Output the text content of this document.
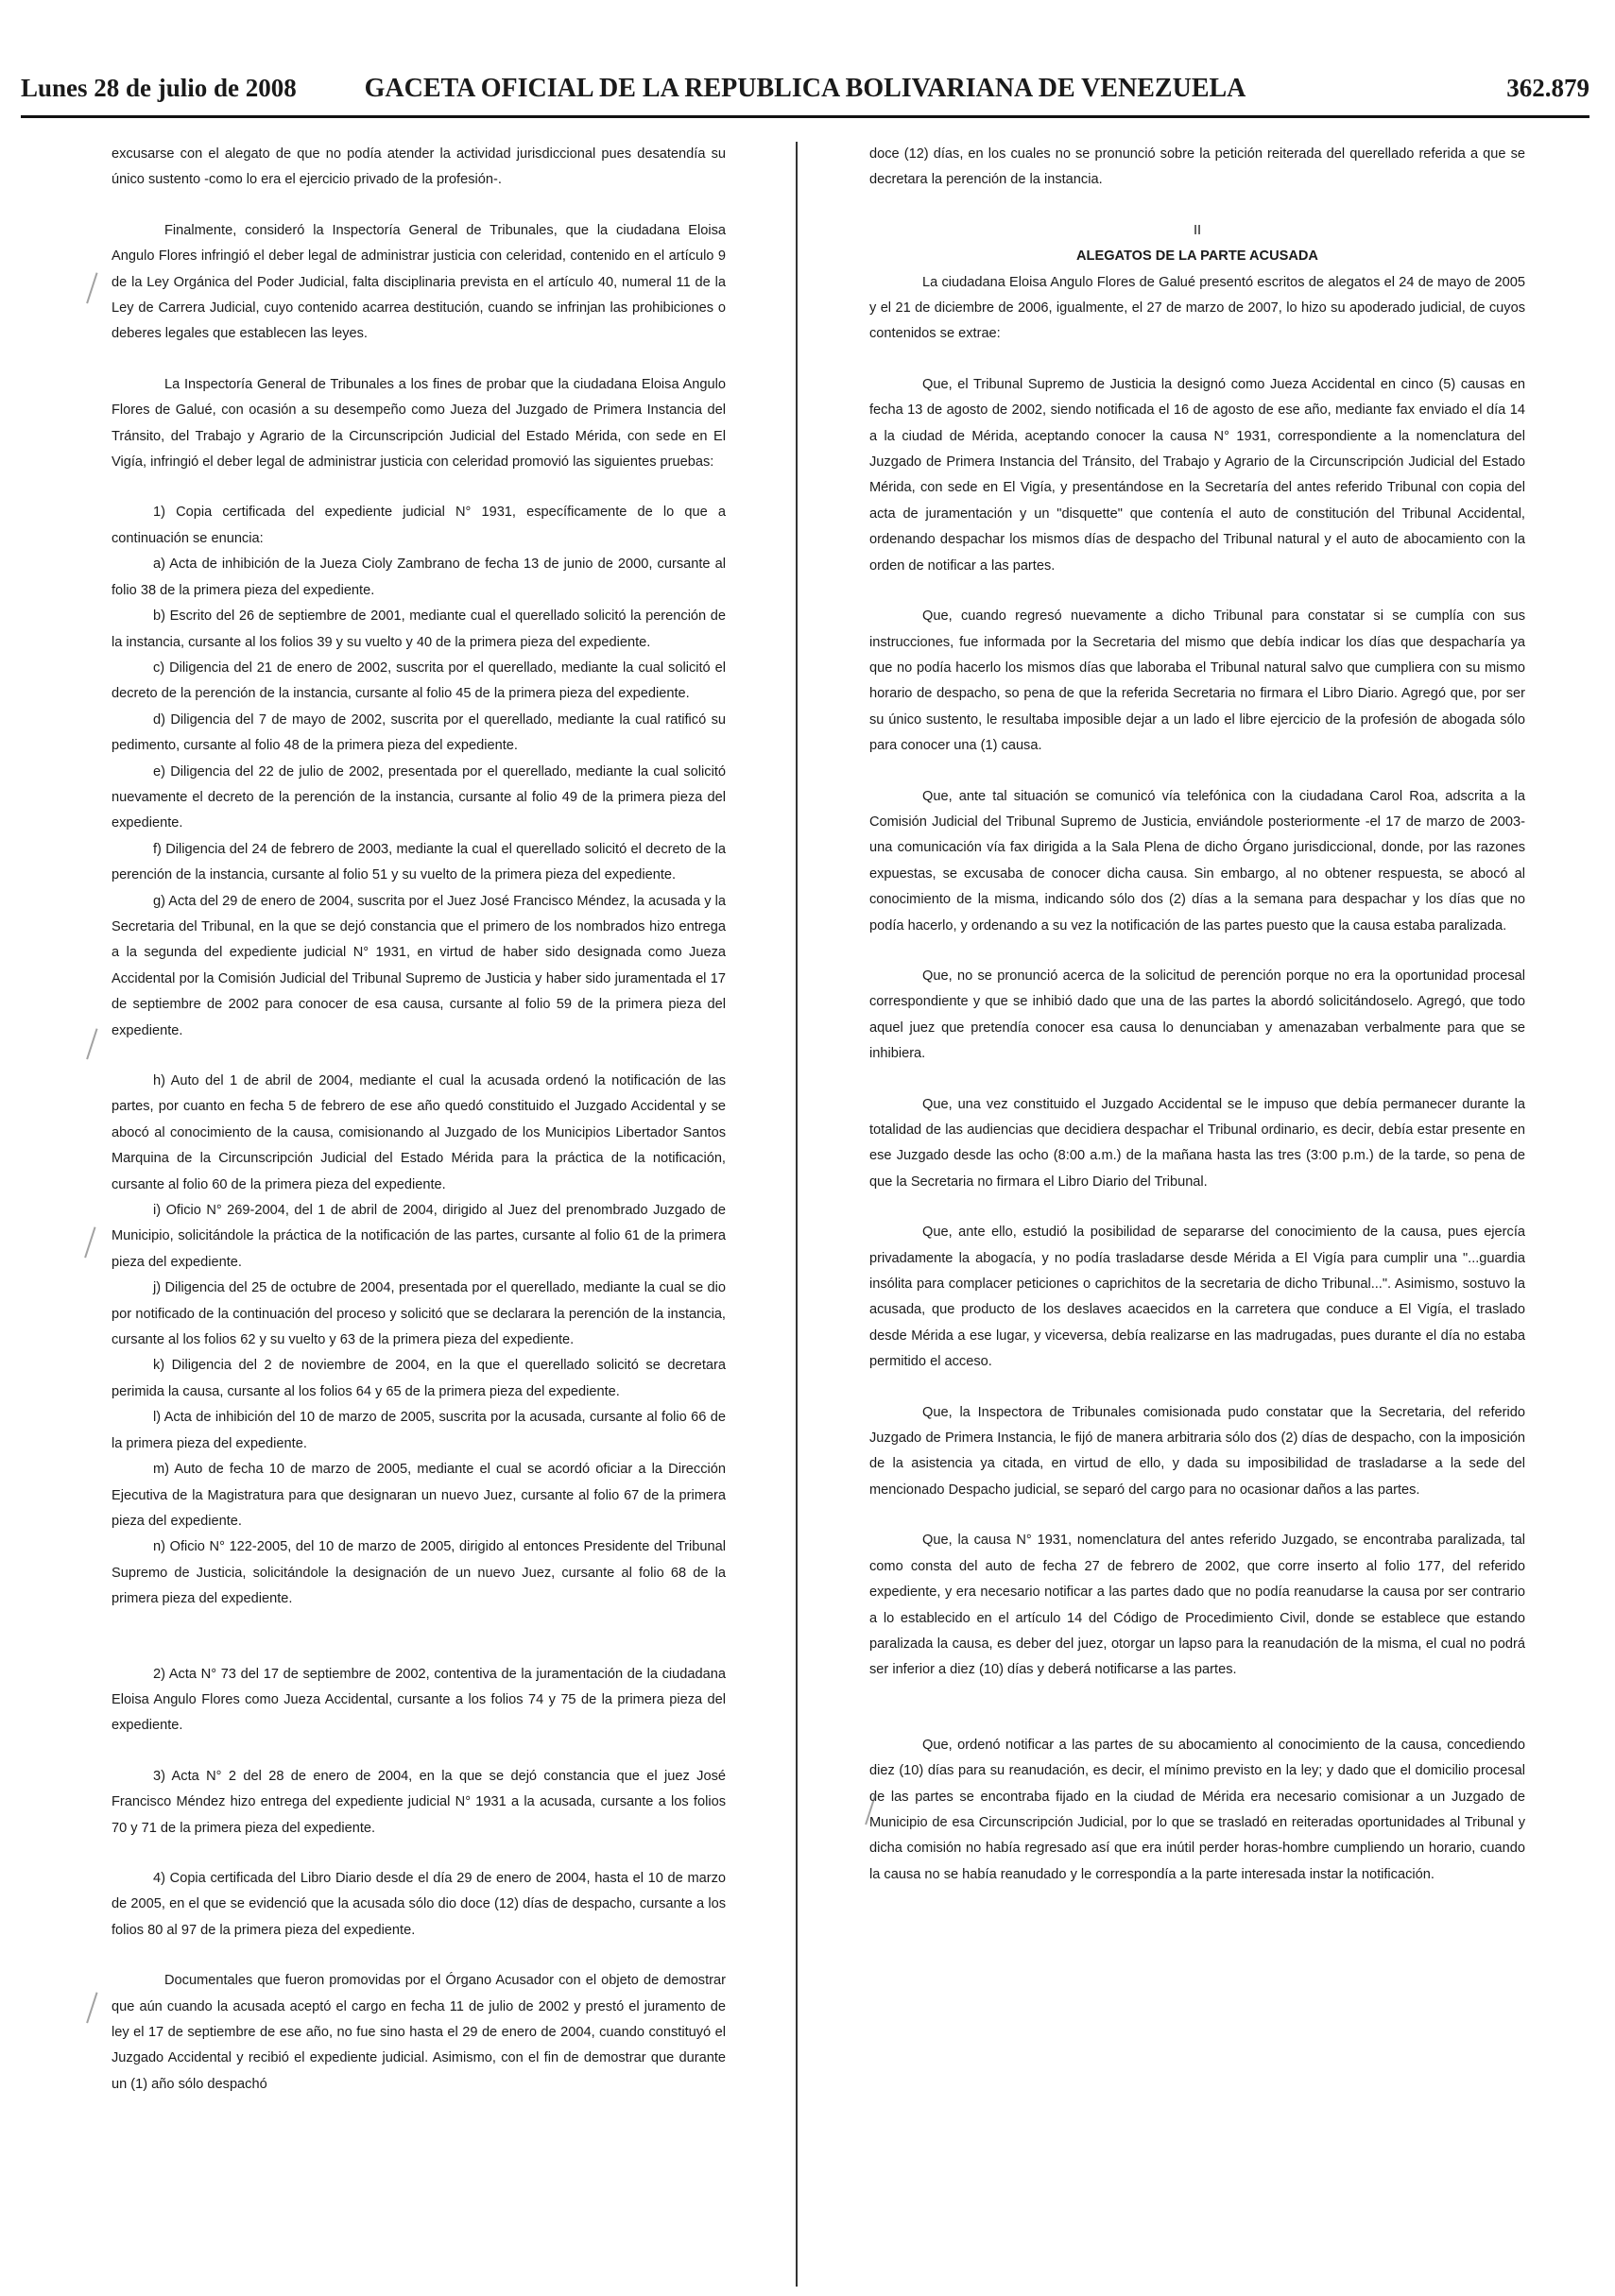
Lunes 28 de julio de 2008	GACETA OFICIAL DE LA REPUBLICA BOLIVARIANA DE VENEZUELA	362.879

excusarse con el alegato de que no podía atender la actividad jurisdiccional pues desatendía su único sustento -como lo era el ejercicio privado de la profesión-.

Finalmente, consideró la Inspectoría General de Tribunales, que la ciudadana Eloisa Angulo Flores infringió el deber legal de administrar justicia con celeridad, contenido en el artículo 9 de la Ley Orgánica del Poder Judicial, falta disciplinaria prevista en el artículo 40, numeral 11 de la Ley de Carrera Judicial, cuyo contenido acarrea destitución, cuando se infrinjan las prohibiciones o deberes legales que establecen las leyes.

La Inspectoría General de Tribunales a los fines de probar que la ciudadana Eloisa Angulo Flores de Galué, con ocasión a su desempeño como Jueza del Juzgado de Primera Instancia del Tránsito, del Trabajo y Agrario de la Circunscripción Judicial del Estado Mérida, con sede en El Vigía, infringió el deber legal de administrar justicia con celeridad promovió las siguientes pruebas:

1) Copia certificada del expediente judicial N° 1931, específicamente de lo que a continuación se enuncia:

a) Acta de inhibición de la Jueza Cioly Zambrano de fecha 13 de junio de 2000, cursante al folio 38 de la primera pieza del expediente.

b) Escrito del 26 de septiembre de 2001, mediante cual el querellado solicitó la perención de la instancia, cursante al los folios 39 y su vuelto y 40 de la primera pieza del expediente.

c) Diligencia del 21 de enero de 2002, suscrita por el querellado, mediante la cual solicitó el decreto de la perención de la instancia, cursante al folio 45 de la primera pieza del expediente.

d) Diligencia del 7 de mayo de 2002, suscrita por el querellado, mediante la cual ratificó su pedimento, cursante al folio 48 de la primera pieza del expediente.

e) Diligencia del 22 de julio de 2002, presentada por el querellado, mediante la cual solicitó nuevamente el decreto de la perención de la instancia, cursante al folio 49 de la primera pieza del expediente.

f) Diligencia del 24 de febrero de 2003, mediante la cual el querellado solicitó el decreto de la perención de la instancia, cursante al folio 51 y su vuelto de la primera pieza del expediente.

g) Acta del 29 de enero de 2004, suscrita por el Juez José Francisco Méndez, la acusada y la Secretaria del Tribunal, en la que se dejó constancia que el primero de los nombrados hizo entrega a la segunda del expediente judicial N° 1931, en virtud de haber sido designada como Jueza Accidental por la Comisión Judicial del Tribunal Supremo de Justicia y haber sido juramentada el 17 de septiembre de 2002 para conocer de esa causa, cursante al folio 59 de la primera pieza del expediente.

h) Auto del 1 de abril de 2004, mediante el cual la acusada ordenó la notificación de las partes, por cuanto en fecha 5 de febrero de ese año quedó constituido el Juzgado Accidental y se abocó al conocimiento de la causa, comisionando al Juzgado de los Municipios Libertador Santos Marquina de la Circunscripción Judicial del Estado Mérida para la práctica de la notificación, cursante al folio 60 de la primera pieza del expediente.

i) Oficio N° 269-2004, del 1 de abril de 2004, dirigido al Juez del prenombrado Juzgado de Municipio, solicitándole la práctica de la notificación de las partes, cursante al folio 61 de la primera pieza del expediente.

j) Diligencia del 25 de octubre de 2004, presentada por el querellado, mediante la cual se dio por notificado de la continuación del proceso y solicitó que se declarara la perención de la instancia, cursante al los folios 62 y su vuelto y 63 de la primera pieza del expediente.

k) Diligencia del 2 de noviembre de 2004, en la que el querellado solicitó se decretara perimida la causa, cursante al los folios 64 y 65 de la primera pieza del expediente.

l) Acta de inhibición del 10 de marzo de 2005, suscrita por la acusada, cursante al folio 66 de la primera pieza del expediente.

m) Auto de fecha 10 de marzo de 2005, mediante el cual se acordó oficiar a la Dirección Ejecutiva de la Magistratura para que designaran un nuevo Juez, cursante al folio 67 de la primera pieza del expediente.

n) Oficio N° 122-2005, del 10 de marzo de 2005, dirigido al entonces Presidente del Tribunal Supremo de Justicia, solicitándole la designación de un nuevo Juez, cursante al folio 68 de la primera pieza del expediente.

2) Acta N° 73 del 17 de septiembre de 2002, contentiva de la juramentación de la ciudadana Eloisa Angulo Flores como Jueza Accidental, cursante a los folios 74 y 75 de la primera pieza del expediente.

3) Acta N° 2 del 28 de enero de 2004, en la que se dejó constancia que el juez José Francisco Méndez hizo entrega del expediente judicial N° 1931 a la acusada, cursante a los folios 70 y 71 de la primera pieza del expediente.

4) Copia certificada del Libro Diario desde el día 29 de enero de 2004, hasta el 10 de marzo de 2005, en el que se evidenció que la acusada sólo dio doce (12) días de despacho, cursante a los folios 80 al 97 de la primera pieza del expediente.

Documentales que fueron promovidas por el Órgano Acusador con el objeto de demostrar que aún cuando la acusada aceptó el cargo en fecha 11 de julio de 2002 y prestó el juramento de ley el 17 de septiembre de ese año, no fue sino hasta el 29 de enero de 2004, cuando constituyó el Juzgado Accidental y recibió el expediente judicial. Asimismo, con el fin de demostrar que durante un (1) año sólo despachó

doce (12) días, en los cuales no se pronunció sobre la petición reiterada del querellado referida a que se decretara la perención de la instancia.

II

ALEGATOS DE LA PARTE ACUSADA

La ciudadana Eloisa Angulo Flores de Galué presentó escritos de alegatos el 24 de mayo de 2005 y el 21 de diciembre de 2006, igualmente, el 27 de marzo de 2007, lo hizo su apoderado judicial, de cuyos contenidos se extrae:

Que, el Tribunal Supremo de Justicia la designó como Jueza Accidental en cinco (5) causas en fecha 13 de agosto de 2002, siendo notificada el 16 de agosto de ese año, mediante fax enviado el día 14 a la ciudad de Mérida, aceptando conocer la causa N° 1931, correspondiente a la nomenclatura del Juzgado de Primera Instancia del Tránsito, del Trabajo y Agrario de la Circunscripción Judicial del Estado Mérida, con sede en El Vigía, y presentándose en la Secretaría del antes referido Tribunal con copia del acta de juramentación y un "disquette" que contenía el auto de constitución del Tribunal Accidental, ordenando despachar los mismos días de despacho del Tribunal natural y el auto de abocamiento con la orden de notificar a las partes.

Que, cuando regresó nuevamente a dicho Tribunal para constatar si se cumplía con sus instrucciones, fue informada por la Secretaria del mismo que debía indicar los días que despacharía ya que no podía hacerlo los mismos días que laboraba el Tribunal natural salvo que cumpliera con su mismo horario de despacho, so pena de que la referida Secretaria no firmara el Libro Diario. Agregó que, por ser su único sustento, le resultaba imposible dejar a un lado el libre ejercicio de la profesión de abogada sólo para conocer una (1) causa.

Que, ante tal situación se comunicó vía telefónica con la ciudadana Carol Roa, adscrita a la Comisión Judicial del Tribunal Supremo de Justicia, enviándole posteriormente -el 17 de marzo de 2003- una comunicación vía fax dirigida a la Sala Plena de dicho Órgano jurisdiccional, donde, por las razones expuestas, se excusaba de conocer dicha causa. Sin embargo, al no obtener respuesta, se abocó al conocimiento de la misma, indicando sólo dos (2) días a la semana para despachar y los días que no podía hacerlo, y ordenando a su vez la notificación de las partes puesto que la causa estaba paralizada.

Que, no se pronunció acerca de la solicitud de perención porque no era la oportunidad procesal correspondiente y que se inhibió dado que una de las partes la abordó solicitándoselo. Agregó, que todo aquel juez que pretendía conocer esa causa lo denunciaban y amenazaban verbalmente para que se inhibiera.

Que, una vez constituido el Juzgado Accidental se le impuso que debía permanecer durante la totalidad de las audiencias que decidiera despachar el Tribunal ordinario, es decir, debía estar presente en ese Juzgado desde las ocho (8:00 a.m.) de la mañana hasta las tres (3:00 p.m.) de la tarde, so pena de que la Secretaria no firmara el Libro Diario del Tribunal.

Que, ante ello, estudió la posibilidad de separarse del conocimiento de la causa, pues ejercía privadamente la abogacía, y no podía trasladarse desde Mérida a El Vigía para cumplir una "...guardia insólita para complacer peticiones o caprichitos de la secretaria de dicho Tribunal...". Asimismo, sostuvo la acusada, que producto de los deslaves acaecidos en la carretera que conduce a El Vigía, el traslado desde Mérida a ese lugar, y viceversa, debía realizarse en las madrugadas, pues durante el día no estaba permitido el acceso.

Que, la Inspectora de Tribunales comisionada pudo constatar que la Secretaria, del referido Juzgado de Primera Instancia, le fijó de manera arbitraria sólo dos (2) días de despacho, con la imposición de la asistencia ya citada, en virtud de ello, y dada su imposibilidad de trasladarse a la sede del mencionado Despacho judicial, se separó del cargo para no ocasionar daños a las partes.

Que, la causa N° 1931, nomenclatura del antes referido Juzgado, se encontraba paralizada, tal como consta del auto de fecha 27 de febrero de 2002, que corre inserto al folio 177, del referido expediente, y era necesario notificar a las partes dado que no podía reanudarse la causa por ser contrario a lo establecido en el artículo 14 del Código de Procedimiento Civil, donde se establece que estando paralizada la causa, es deber del juez, otorgar un lapso para la reanudación de la misma, el cual no podrá ser inferior a diez (10) días y deberá notificarse a las partes.

Que, ordenó notificar a las partes de su abocamiento al conocimiento de la causa, concediendo diez (10) días para su reanudación, es decir, el mínimo previsto en la ley; y dado que el domicilio procesal de las partes se encontraba fijado en la ciudad de Mérida era necesario comisionar a un Juzgado de Municipio de esa Circunscripción Judicial, por lo que se trasladó en reiteradas oportunidades al Tribunal y dicha comisión no había regresado así que era inútil perder horas-hombre cumpliendo un horario, cuando la causa no se había reanudado y le correspondía a la parte interesada instar la notificación.
